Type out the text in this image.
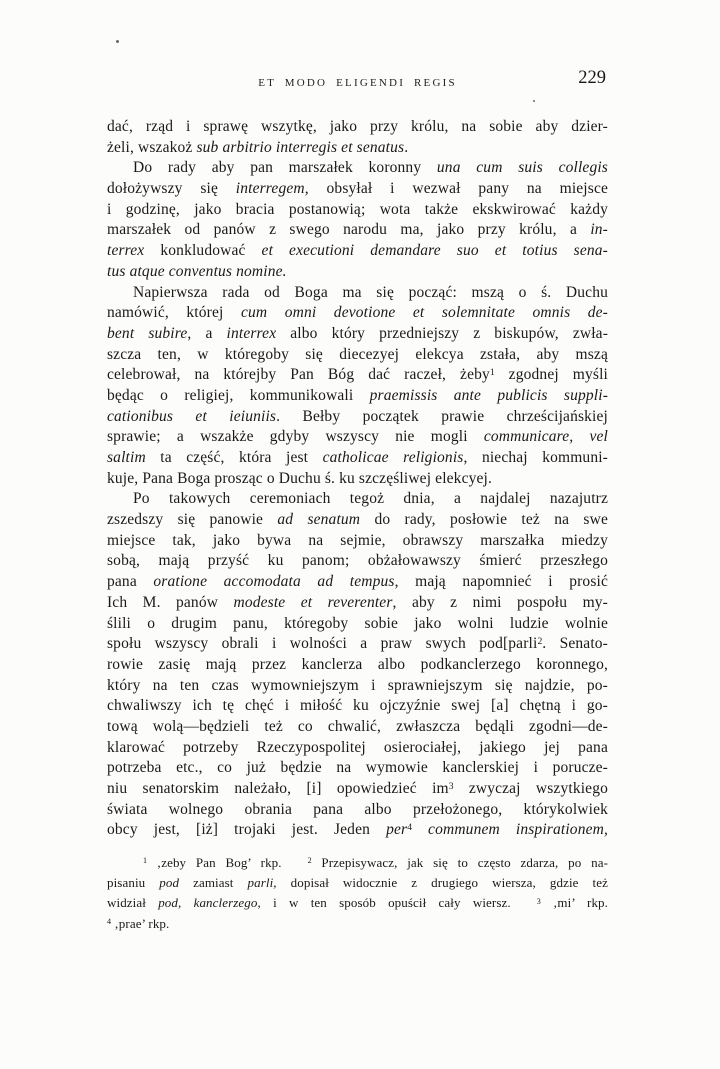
ET MODO ELIGENDI REGIS	229
dać, rząd i sprawę wszytkę, jako przy królu, na sobie aby dzier-
żeli, wszakoż sub arbitrio interregis et senatus.
Do rady aby pan marszałek koronny una cum suis collegis
dołożywszy się interregem, obsyłał i wezwał pany na miejsce
i godzinę, jako bracia postanowią; wota także ekskwirować każdy
marszałek od panów z swego narodu ma, jako przy królu, a in-
terrex konkludować et executioni demandare suo et totius sena-
tus atque conventus nomine.
Napierwsza rada od Boga ma się począć: mszą o ś. Duchu
namówić, której cum omni devotione et solemnitate omnis de-
bent subire, a interrex albo który przedniejszy z biskupów, zwła-
szcza ten, w któregoby się diecezyej elekcya zstała, aby mszą
celebrował, na którejby Pan Bóg dać raczeł, żeby$^1$ zgodnej myśli
będąc o religiej, kommunikowali praemissis ante publicis suppli-
cationibus et ieiuniis. Bełby początek prawie chrześcijańskiej
sprawie; a wszakże gdyby wszyscy nie mogli communicare, vel
saltim ta część, która jest catholicae religionis, niechaj kommuni-
kuje, Pana Boga prosząc o Duchu ś. ku szczęśliwej elekcyej.
Po takowych ceremoniach tegoż dnia, a najdalej nazajutrz
zszedszy się panowie ad senatum do rady, posłowie też na swe
miejsce tak, jako bywa na sejmie, obrawszy marszałka miedzy
sobą, mają przyść ku panom; obżałowawszy śmierć przeszłego
pana oratione accomodata ad tempus, mają napomnieć i prosić
Ich M. panów modeste et reverenter, aby z nimi pospołu my-
ślili o drugim panu, któregoby sobie jako wolni ludzie wolnie
społu wszyscy obrali i wolności a praw swych pod[parli$^2$. Senato-
rowie zasię mają przez kanclerza albo podkanclerzego koronnego,
który na ten czas wymowniejszym i sprawniejszym się najdzie, po-
chwaliwszy ich tę chęć i miłość ku ojczyźnie swej [a] chętną i go-
tową wolą—będzieli też co chwalić, zwłaszcza będąli zgodni—de-
klarować potrzeby Rzeczypospolitej osierociałej, jakiego jej pana
potrzeba etc., co już będzie na wymowie kanclerskiej i porucze-
niu senatorskim należało, [i] opowiedzieć $im^3$ zwyczaj wszytkiego
świata wolnego obrania pana albo przełożonego, którykolwiek
obcy jest, [iż] trojaki jest. Jeden per$^4$ communem inspirationem,
$^1$ ‚zeby Pan Bog’ rkp.	$^2$ Przepisywacz, jak się to często zdarza, po na-
pisaniu pod zamiast parli, dopisał widocznie z drugiego wiersza, gdzie też
widział pod, kanclerzego, i w ten sposób opuścił cały wiersz.	$^3$ ‚mi’ rkp.
$^4$ ‚prae’ rkp.
